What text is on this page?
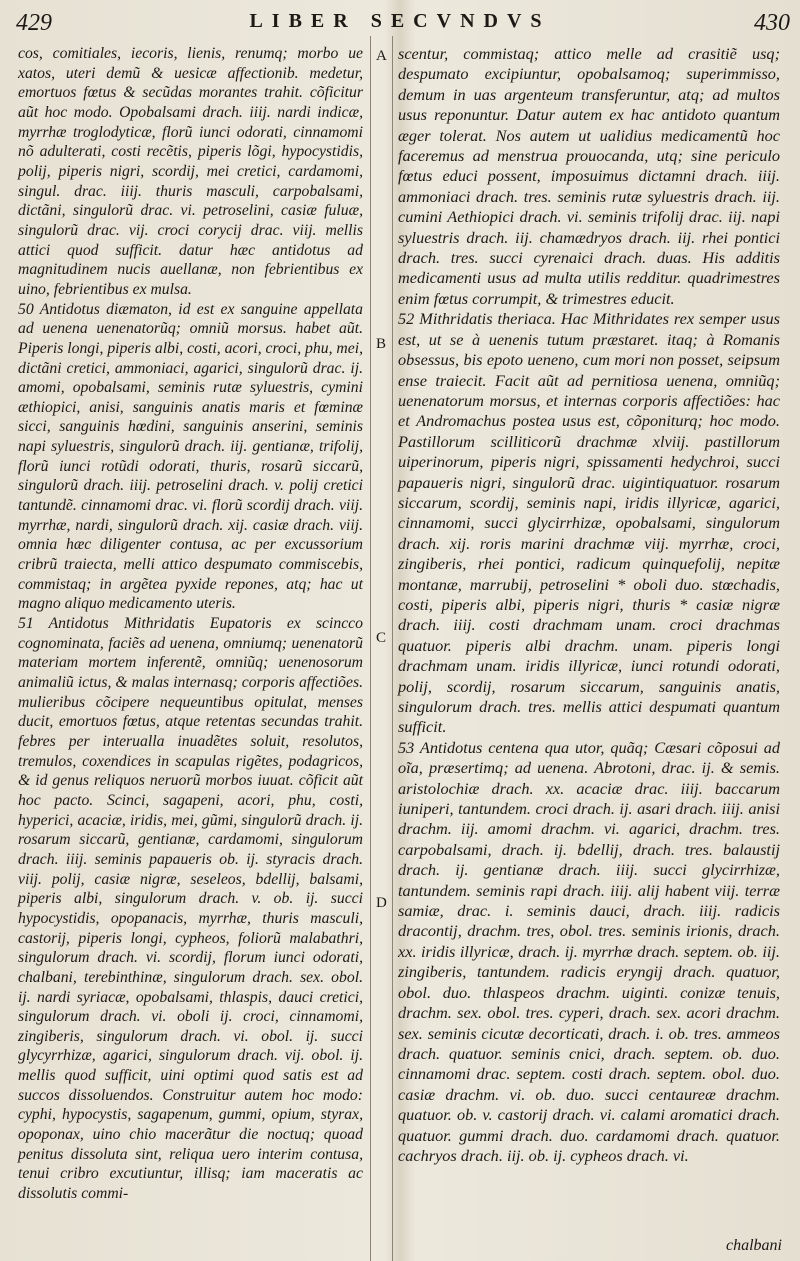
429	LIBER SECVNDVS	430
A
B
C
D

cos, comitiales, iecoris, lienis, renumq; morbo ue xatos, uteri demũ & uesicæ affectionib. medetur, emortuos fœtus & secũdas morantes trahit. cõficitur aũt hoc modo. Opobalsami drach. iiij. nardi indicæ, myrrhæ troglodyticæ, florũ iunci odorati, cinnamomi nõ adulterati, costi recẽtis, piperis lõgi, hypocystidis, polij, piperis nigri, scordij, mei cretici, cardamomi, singul. drac. iiij. thuris masculi, carpobalsami, dictãni, singulorũ drac. vi. petroselini, casiæ fuluæ, singulorũ drac. vij. croci corycij drac. viij. mellis attici quod sufficit. datur hæc antidotus ad magnitudinem nucis auellanæ, non febrientibus ex uino, febrientibus ex mulsa.

50 Antidotus diæmaton, id est ex sanguine appellata ad uenena uenenatorũq; omniũ morsus. habet aũt. Piperis longi, piperis albi, costi, acori, croci, phu, mei, dictãni cretici, ammoniaci, agarici, singulorũ drac. ij. amomi, opobalsami, seminis rutæ syluestris, cymini æthiopici, anisi, sanguinis anatis maris et fœminæ sicci, sanguinis hœdini, sanguinis anserini, seminis napi syluestris, singulorũ drach. iij. gentianæ, trifolij, florũ iunci rotũdi odorati, thuris, rosarũ siccarũ, singulorũ drach. iiij. petroselini drach. v. polij cretici tantundẽ. cinnamomi drac. vi. florũ scordij drach. viij. myrrhæ, nardi, singulorũ drach. xij. casiæ drach. viij. omnia hæc diligenter contusa, ac per excussorium cribrũ traiecta, melli attico despumato commiscebis, commistaq; in argẽtea pyxide repones, atq; hac ut magno aliquo medicamento uteris.

51 Antidotus Mithridatis Eupatoris ex scincco cognominata, faciẽs ad uenena, omniumq; uenenatorũ materiam mortem inferentẽ, omniũq; uenenosorum animaliũ ictus, & malas internasq; corporis affectiões. mulieribus cõcipere nequeuntibus opitulat, menses ducit, emortuos fœtus, atque retentas secundas trahit. febres per interualla inuadẽtes soluit, resolutos, tremulos, coxendices in scapulas rigẽtes, podagricos, & id genus reliquos neruorũ morbos iuuat. cõficit aũt hoc pacto. Scinci, sagapeni, acori, phu, costi, hyperici, acaciæ, iridis, mei, gũmi, singulorũ drach. ij. rosarum siccarũ, gentianæ, cardamomi, singulorum drach. iiij. seminis papaueris ob. ij. styracis drach. viij. polij, casiæ nigræ, seseleos, bdellij, balsami, piperis albi, singulorum drach. v. ob. ij. succi hypocystidis, opopanacis, myrrhæ, thuris masculi, castorij, piperis longi, cypheos, foliorũ malabathri, singulorum drach. vi. scordij, florum iunci odorati, chalbani, terebinthinæ, singulorum drach. sex. obol. ij. nardi syriacæ, opobalsami, thlaspis, dauci cretici, singulorum drach. vi. oboli ij. croci, cinnamomi, zingiberis, singulorum drach. vi. obol. ij. succi glycyrrhizæ, agarici, singulorum drach. vij. obol. ij. mellis quod sufficit, uini optimi quod satis est ad succos dissoluendos. Construitur autem hoc modo: cyphi, hypocystis, sagapenum, gummi, opium, styrax, opoponax, uino chio macerãtur die noctuq; quoad penitus dissoluta sint, reliqua uero interim contusa, tenui cribro excutiuntur, illisq; iam maceratis ac dissolutis commi-

scentur, commistaq; attico melle ad crasitiẽ usq; despumato excipiuntur, opobalsamoq; superimmisso, demum in uas argenteum transferuntur, atq; ad multos usus reponuntur. Datur autem ex hac antidoto quantum æger tolerat. Nos autem ut ualidius medicamentũ hoc faceremus ad menstrua prouocanda, utq; sine periculo fœtus educi possent, imposuimus dictamni drach. iiij. ammoniaci drach. tres. seminis rutæ syluestris drach. iij. cumini Aethiopici drach. vi. seminis trifolij drac. iij. napi syluestris drach. iij. chamædryos drach. iij. rhei pontici drach. tres. succi cyrenaici drach. duas. His additis medicamenti usus ad multa utilis redditur. quadrimestres enim fœtus corrumpit, & trimestres educit.

52 Mithridatis theriaca. Hac Mithridates rex semper usus est, ut se à uenenis tutum præstaret. itaq; à Romanis obsessus, bis epoto ueneno, cum mori non posset, seipsum ense traiecit. Facit aũt ad pernitiosa uenena, omniũq; uenenatorum morsus, et internas corporis affectiões: hac et Andromachus postea usus est, cõponiturq; hoc modo. Pastillorum scilliticorũ drachmæ xlviij. pastillorum uiperinorum, piperis nigri, spissamenti hedychroi, succi papaueris nigri, singulorũ drac. uigintiquatuor. rosarum siccarum, scordij, seminis napi, iridis illyricæ, agarici, cinnamomi, succi glycirrhizæ, opobalsami, singulorum drach. xij. roris marini drachmæ viij. myrrhæ, croci, zingiberis, rhei pontici, radicum quinquefolij, nepitæ montanæ, marrubij, petroselini * oboli duo. stœchadis, costi, piperis albi, piperis nigri, thuris * casiæ nigræ drach. iiij. costi drachmam unam. croci drachmas quatuor. piperis albi drachm. unam. piperis longi drachmam unam. iridis illyricæ, iunci rotundi odorati, polij, scordij, rosarum siccarum, sanguinis anatis, singulorum drach. tres. mellis attici despumati quantum sufficit.

53 Antidotus centena qua utor, quãq; Cæsari cõposui ad oĩa, præsertimq; ad uenena. Abrotoni, drac. ij. & semis. aristolochiæ drach. xx. acaciæ drac. iiij. baccarum iuniperi, tantundem. croci drach. ij. asari drach. iiij. anisi drachm. iij. amomi drachm. vi. agarici, drachm. tres. carpobalsami, drach. ij. bdellij, drach. tres. balaustij drach. ij. gentianæ drach. iiij. succi glycirrhizæ, tantundem. seminis rapi drach. iiij. alij habent viij. terræ samiæ, drac. i. seminis dauci, drach. iiij. radicis dracontij, drachm. tres, obol. tres. seminis irionis, drach. xx. iridis illyricæ, drach. ij. myrrhæ drach. septem. ob. iij. zingiberis, tantundem. radicis eryngij drach. quatuor, obol. duo. thlaspeos drachm. uiginti. conizæ tenuis, drachm. sex. obol. tres. cyperi, drach. sex. acori drachm. sex. seminis cicutæ decorticati, drach. i. ob. tres. ammeos drach. quatuor. seminis cnici, drach. septem. ob. duo. cinnamomi drac. septem. costi drach. septem. obol. duo. casiæ drachm. vi. ob. duo. succi centaureæ drachm. quatuor. ob. v. castorij drach. vi. calami aromatici drach. quatuor. gummi drach. duo. cardamomi drach. quatuor. cachryos drach. iij. ob. ij. cypheos drach. vi.

chalbani
